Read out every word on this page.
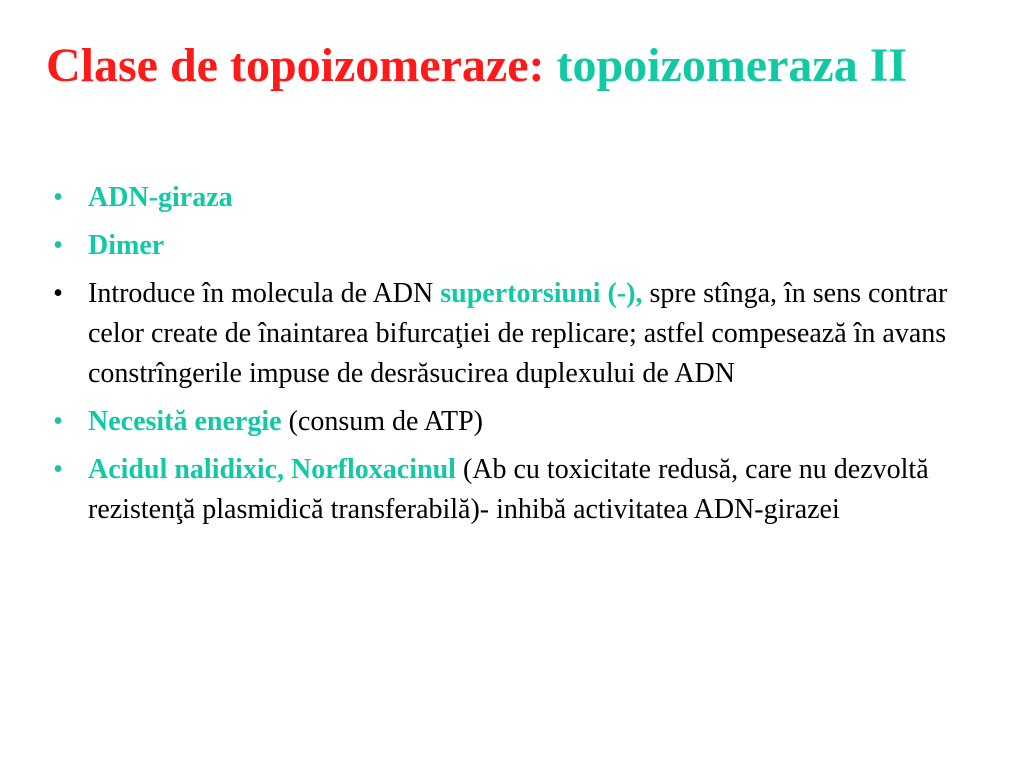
Clase de topoizomeraze: topoizomeraza II
• ADN-giraza
• Dimer
• Introduce în molecula de ADN supertorsiuni (-), spre stînga, în sens contrar celor create de înaintarea bifurcaţiei de replicare; astfel compesează în avans constrîngerile impuse de desrăsucirea duplexului de ADN
• Necesită energie (consum de ATP)
• Acidul nalidixic, Norfloxacinul (Ab cu toxicitate redusă, care nu dezvoltă rezistenţă plasmidică transferabilă)- inhibă activitatea ADN-girazei
